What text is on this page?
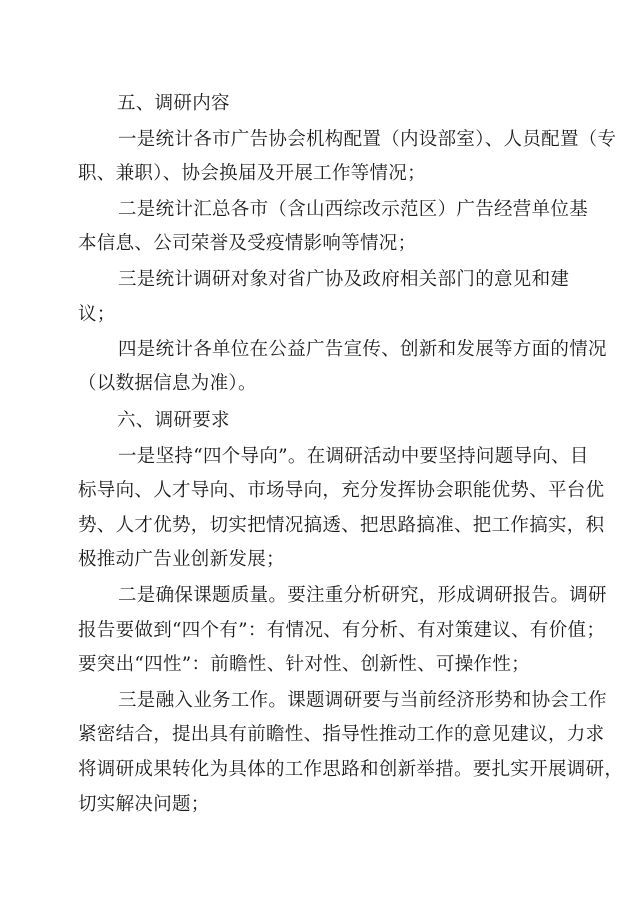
五、调研内容
一是统计各市广告协会机构配置（内设部室）、人员配置（专
职、兼职）、协会换届及开展工作等情况；
二是统计汇总各市（含山西综改示范区）广告经营单位基
本信息、公司荣誉及受疫情影响等情况；
三是统计调研对象对省广协及政府相关部门的意见和建
议；
四是统计各单位在公益广告宣传、创新和发展等方面的情况
（以数据信息为准）。
六、调研要求
一是坚持“四个导向”。在调研活动中要坚持问题导向、目
标导向、人才导向、市场导向，充分发挥协会职能优势、平台优
势、人才优势，切实把情况搞透、把思路搞准、把工作搞实，积
极推动广告业创新发展；
二是确保课题质量。要注重分析研究，形成调研报告。调研
报告要做到“四个有”：有情况、有分析、有对策建议、有价值；
要突出“四性”：前瞻性、针对性、创新性、可操作性；
三是融入业务工作。课题调研要与当前经济形势和协会工作
紧密结合，提出具有前瞻性、指导性推动工作的意见建议，力求
将调研成果转化为具体的工作思路和创新举措。要扎实开展调研，
切实解决问题；
